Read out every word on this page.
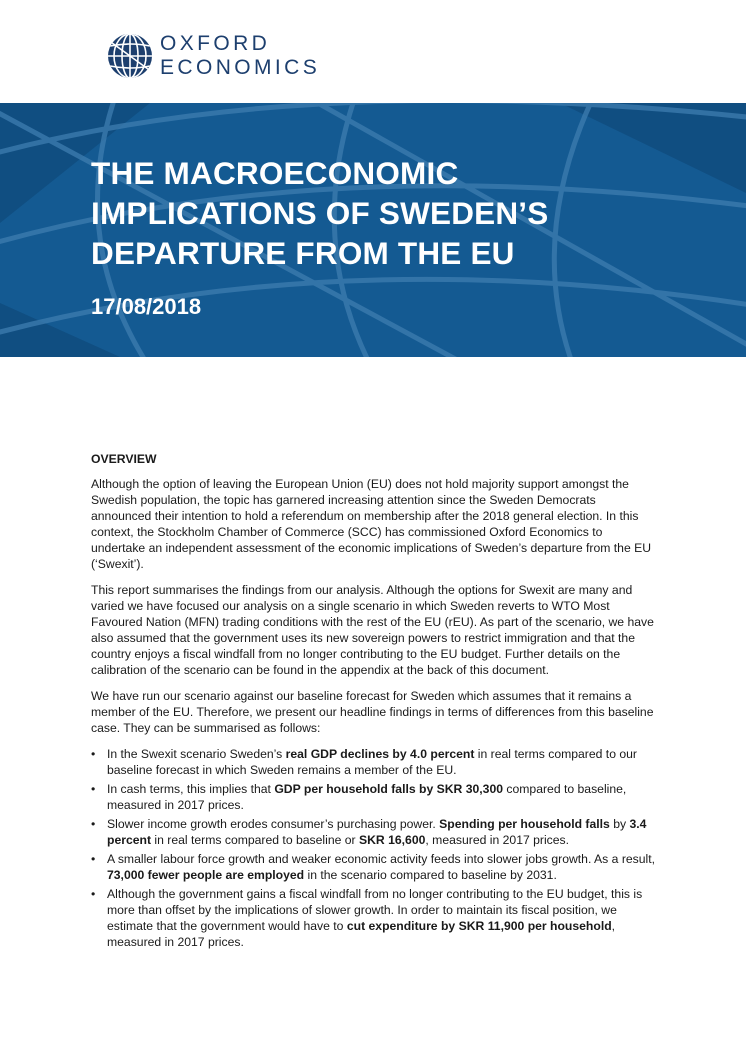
OXFORD
ECONOMICS
THE MACROECONOMIC
IMPLICATIONS OF SWEDEN’S
DEPARTURE FROM THE EU
17/08/2018
OVERVIEW

Although the option of leaving the European Union (EU) does not hold majority support amongst the Swedish population, the topic has garnered increasing attention since the Sweden Democrats announced their intention to hold a referendum on membership after the 2018 general election. In this context, the Stockholm Chamber of Commerce (SCC) has commissioned Oxford Economics to undertake an independent assessment of the economic implications of Sweden’s departure from the EU (‘Swexit’).

This report summarises the findings from our analysis. Although the options for Swexit are many and varied we have focused our analysis on a single scenario in which Sweden reverts to WTO Most Favoured Nation (MFN) trading conditions with the rest of the EU (rEU). As part of the scenario, we have also assumed that the government uses its new sovereign powers to restrict immigration and that the country enjoys a fiscal windfall from no longer contributing to the EU budget. Further details on the calibration of the scenario can be found in the appendix at the back of this document.

We have run our scenario against our baseline forecast for Sweden which assumes that it remains a member of the EU. Therefore, we present our headline findings in terms of differences from this baseline case. They can be summarised as follows:

• In the Swexit scenario Sweden’s real GDP declines by 4.0 percent in real terms compared to our baseline forecast in which Sweden remains a member of the EU.
• In cash terms, this implies that GDP per household falls by SKR 30,300 compared to baseline, measured in 2017 prices.
• Slower income growth erodes consumer’s purchasing power. Spending per household falls by 3.4 percent in real terms compared to baseline or SKR 16,600, measured in 2017 prices.
• A smaller labour force growth and weaker economic activity feeds into slower jobs growth. As a result, 73,000 fewer people are employed in the scenario compared to baseline by 2031.
• Although the government gains a fiscal windfall from no longer contributing to the EU budget, this is more than offset by the implications of slower growth. In order to maintain its fiscal position, we estimate that the government would have to cut expenditure by SKR 11,900 per household, measured in 2017 prices.
